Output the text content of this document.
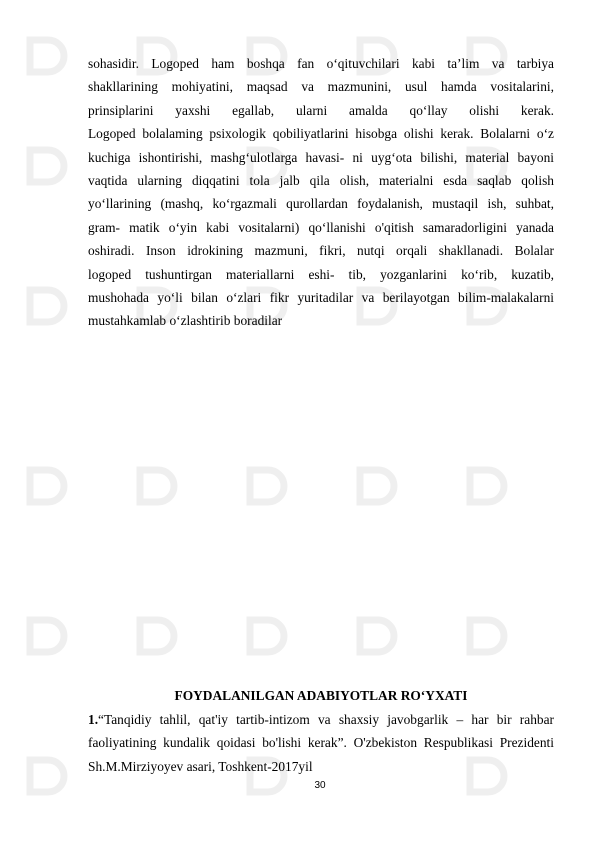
sohasidir. Logoped ham boshqa fan o‘qituvchilari kabi ta’lim va tarbiya
shakllarining mohiyatini, maqsad va mazmunini, usul hamda vositalarini,
prinsiplarini yaxshi egallab, ularni amalda qo‘llay olishi kerak.
Logoped bolalaming psixologik qobiliyatlarini hisobga olishi kerak. Bolalarni o‘z
kuchiga ishontirishi, mashg‘ulotlarga havasi- ni uyg‘ota bilishi, material bayoni
vaqtida ularning diqqatini tola jalb qila olish, materialni esda saqlab qolish
yo‘llarining (mashq, ko‘rgazmali qurollardan foydalanish, mustaqil ish, suhbat,
gram- matik o‘yin kabi vositalarni) qo‘llanishi o'qitish samaradorligini yanada
oshiradi. Inson idrokining mazmuni, fikri, nutqi orqali shakllanadi. Bolalar
logoped tushuntirgan materiallarni eshi- tib, yozganlarini ko‘rib, kuzatib,
mushohada yo‘li bilan o‘zlari fikr yuritadilar va berilayotgan bilim-malakalarni
mustahkamlab o‘zlashtirib boradilar
FOYDALANILGAN ADABIYOTLAR RO‘YXATI
1.“Tanqidiy tahlil, qat'iy tartib-intizom va shaxsiy javobgarlik – har bir rahbar
faoliyatining kundalik qoidasi bo'lishi kerak”. O'zbekiston Respublikasi Prezidenti
Sh.M.Mirziyoyev asari, Toshkent-2017yil
30
